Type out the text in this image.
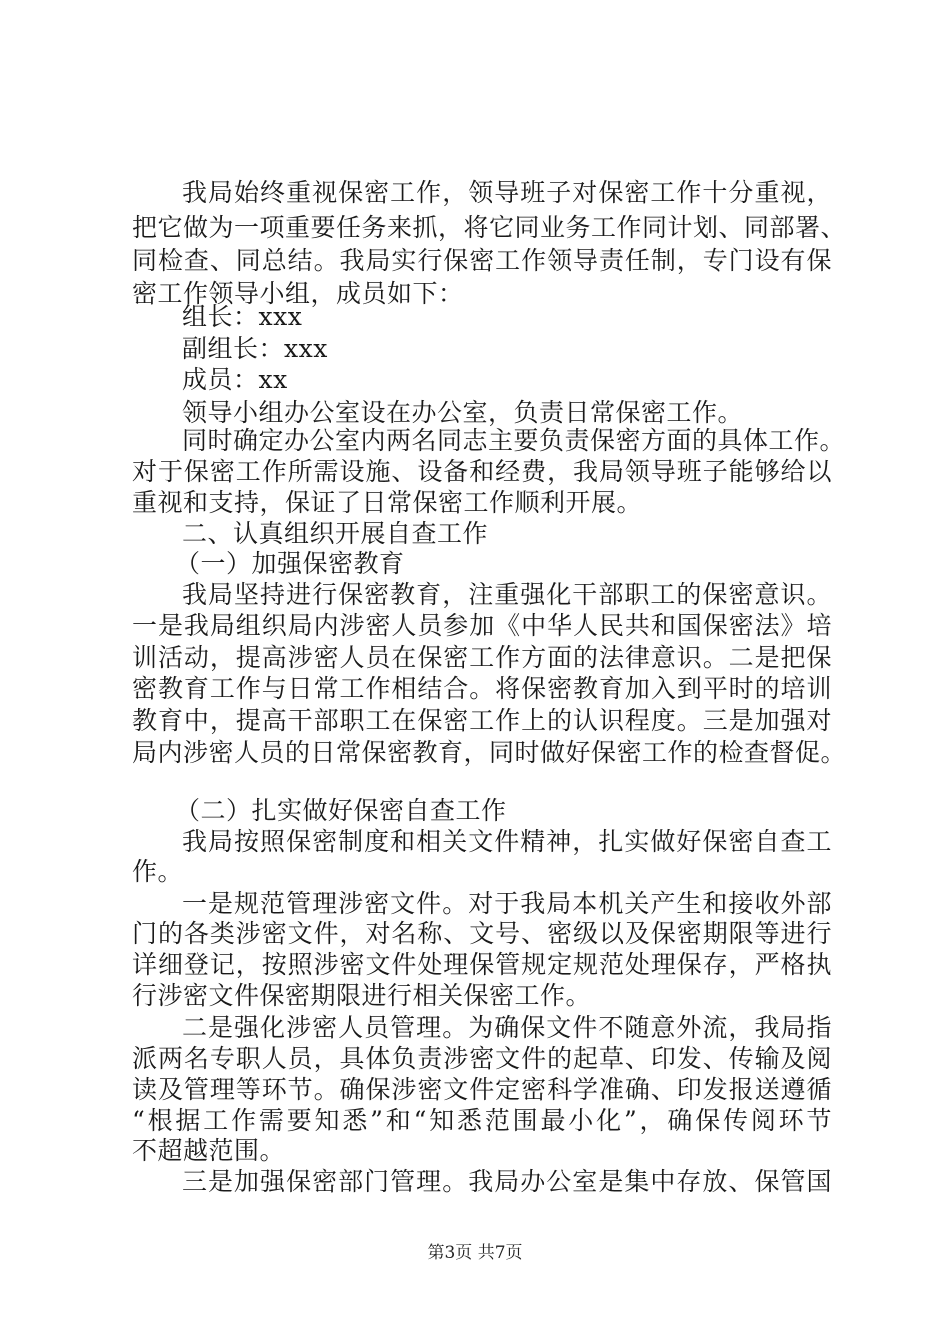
我局始终重视保密工作，领导班子对保密工作十分重视，
把它做为一项重要任务来抓，将它同业务工作同计划、同部署、
同检查、同总结。我局实行保密工作领导责任制，专门设有保
密工作领导小组，成员如下：
组长：xxx
副组长：xxx
成员：xx
领导小组办公室设在办公室，负责日常保密工作。
同时确定办公室内两名同志主要负责保密方面的具体工作。
对于保密工作所需设施、设备和经费，我局领导班子能够给以
重视和支持，保证了日常保密工作顺利开展。
二、认真组织开展自查工作
（一）加强保密教育
我局坚持进行保密教育，注重强化干部职工的保密意识。
一是我局组织局内涉密人员参加《中华人民共和国保密法》培
训活动，提高涉密人员在保密工作方面的法律意识。二是把保
密教育工作与日常工作相结合。将保密教育加入到平时的培训
教育中，提高干部职工在保密工作上的认识程度。三是加强对
局内涉密人员的日常保密教育，同时做好保密工作的检查督促。
（二）扎实做好保密自查工作
我局按照保密制度和相关文件精神，扎实做好保密自查工
作。
一是规范管理涉密文件。对于我局本机关产生和接收外部
门的各类涉密文件，对名称、文号、密级以及保密期限等进行
详细登记，按照涉密文件处理保管规定规范处理保存，严格执
行涉密文件保密期限进行相关保密工作。
二是强化涉密人员管理。为确保文件不随意外流，我局指
派两名专职人员，具体负责涉密文件的起草、印发、传输及阅
读及管理等环节。确保涉密文件定密科学准确、印发报送遵循
“根据工作需要知悉”和“知悉范围最小化”，确保传阅环节
不超越范围。
三是加强保密部门管理。我局办公室是集中存放、保管国
第3页 共7页
